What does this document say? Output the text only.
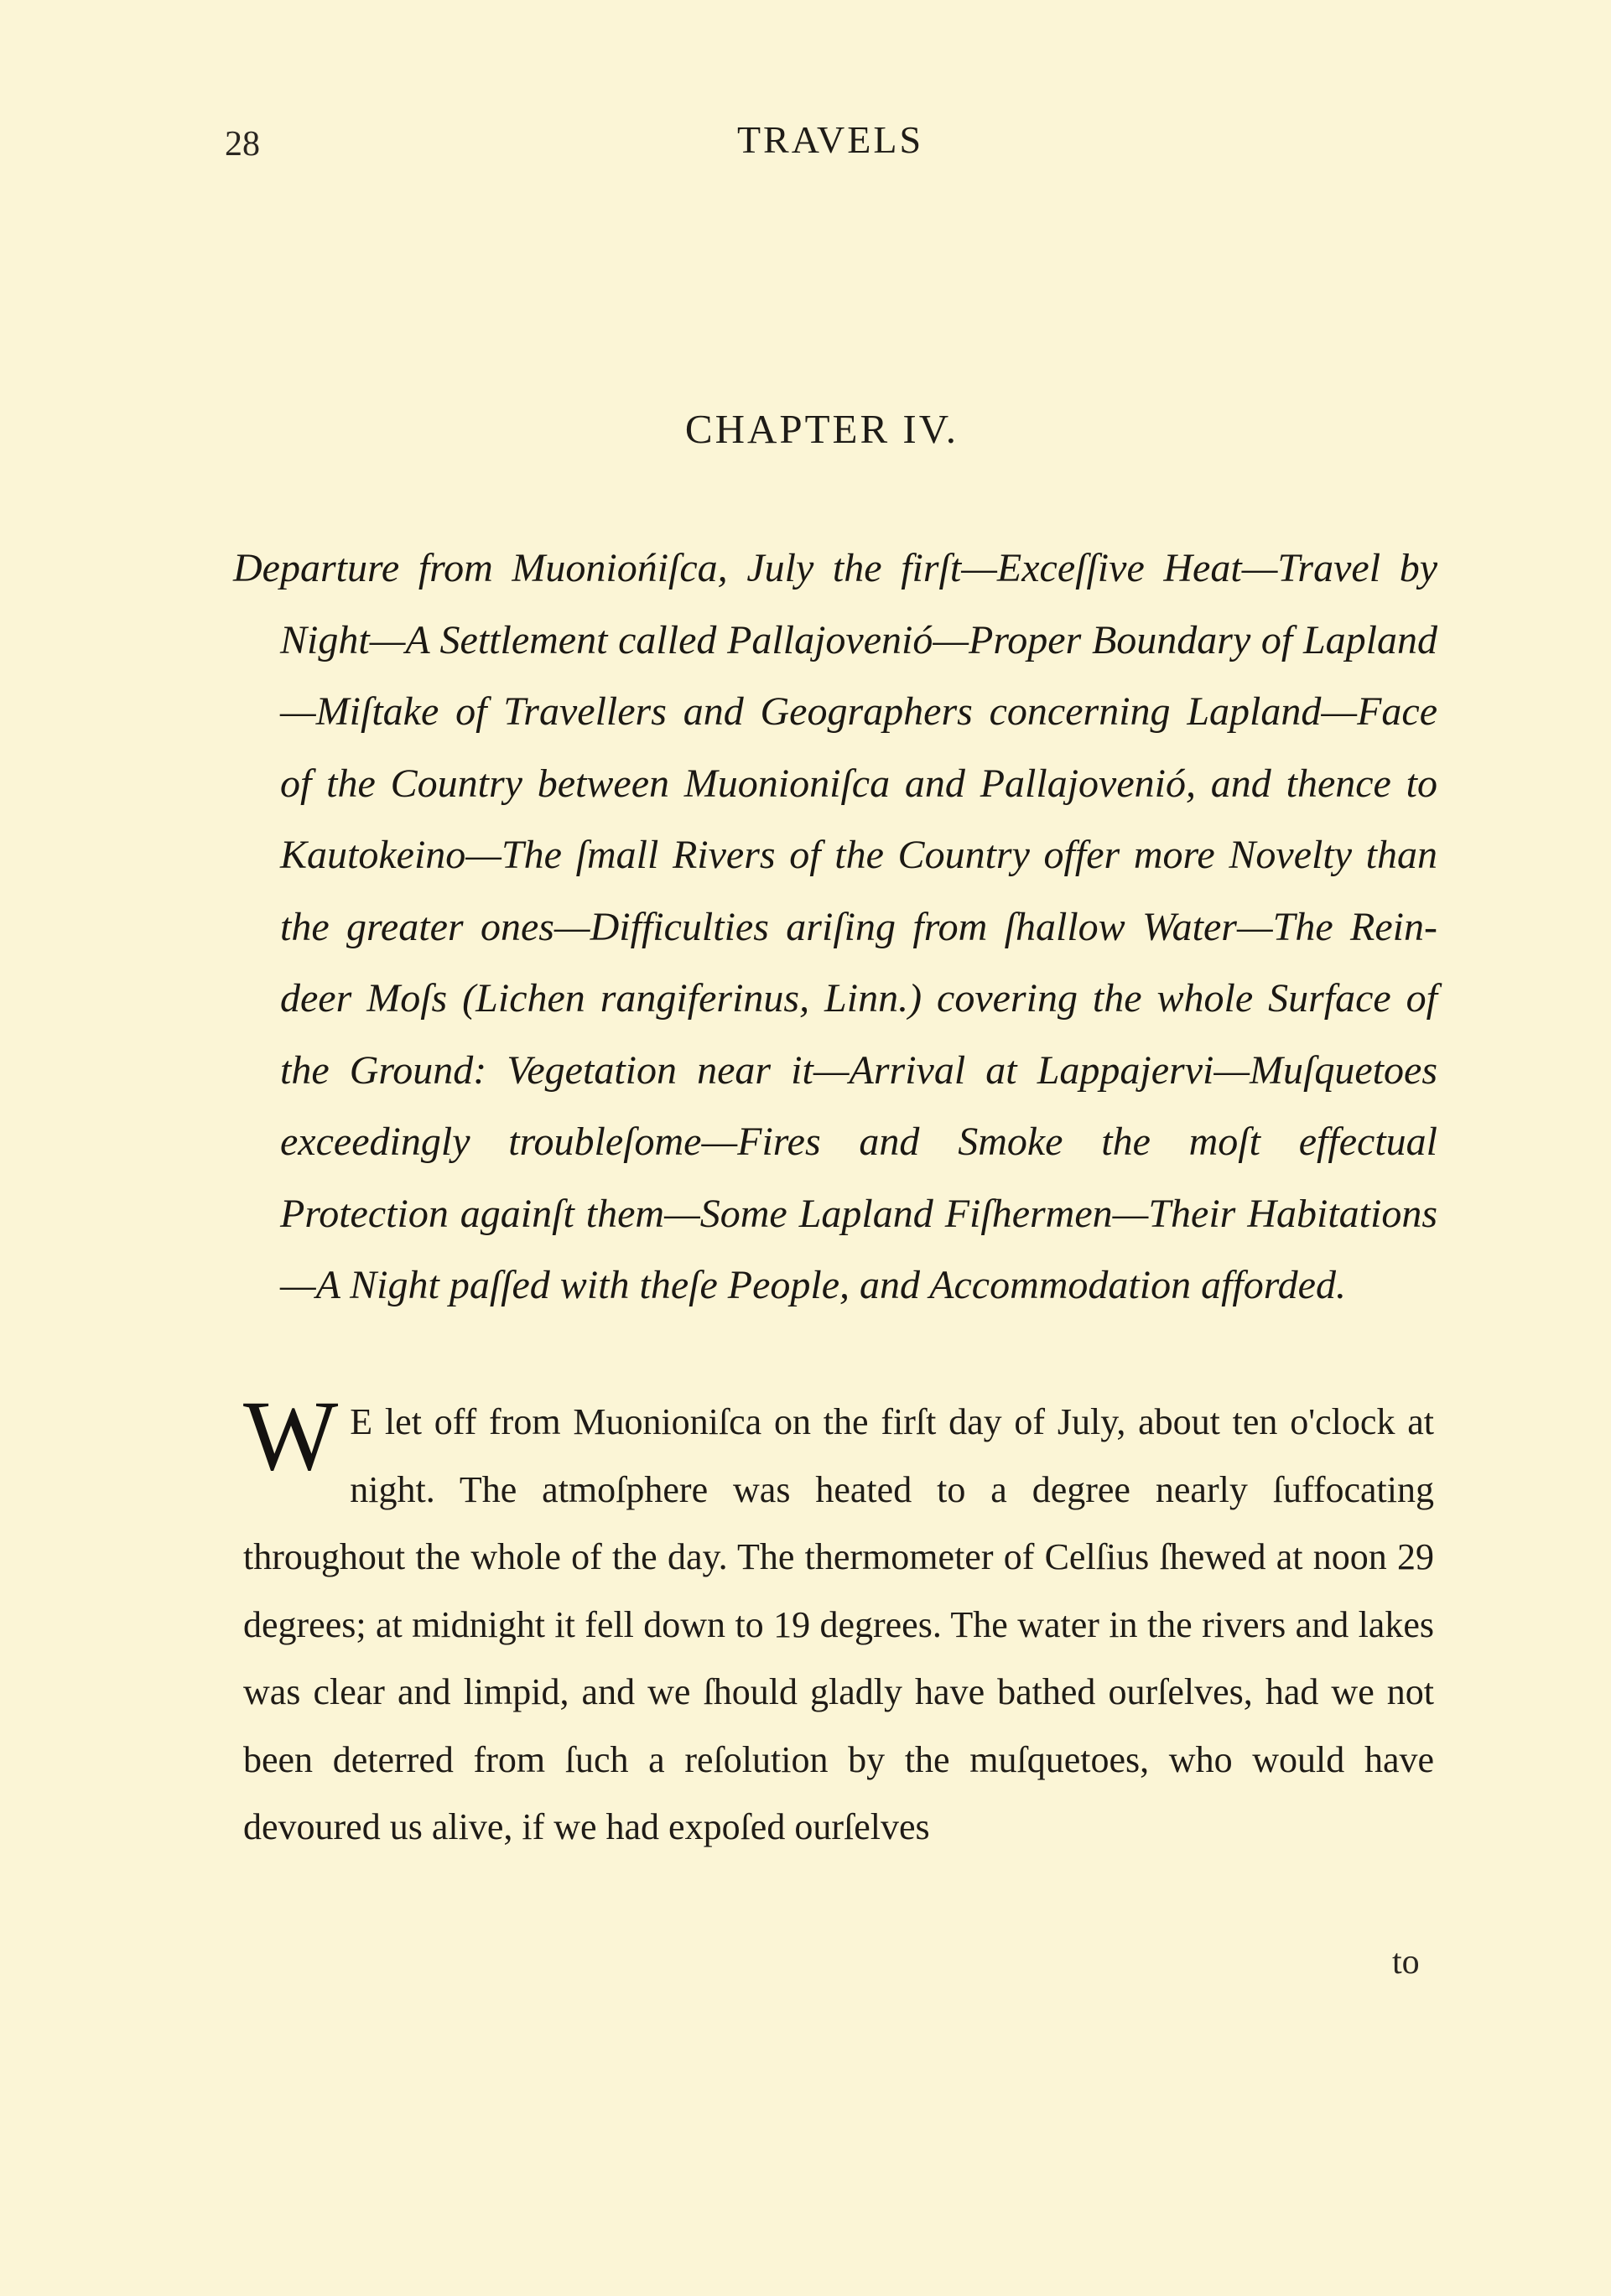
28	TRAVELS
CHAPTER IV.

Departure from Muoniońiſca, July the firſt—Exceſſive Heat—Travel by Night—A Settlement called Pallajovenió—Proper Boundary of Lapland—Miſtake of Travellers and Geographers concerning Lapland—Face of the Country between Muonioniſca and Pallajovenió, and thence to Kautokeino—The ſmall Rivers of the Country offer more Novelty than the greater ones—Difficulties ariſing from ſhallow Water—The Rein-deer Moſs (Lichen rangiferinus, Linn.) covering the whole Surface of the Ground: Vegetation near it—Arrival at Lappajervi—Muſquetoes exceedingly troubleſome—Fires and Smoke the moſt effectual Protection againſt them—Some Lapland Fiſhermen—Their Habitations—A Night paſſed with theſe People, and Accommodation afforded.

W E let off from Muonioniſca on the firſt day of July, about ten o'clock at night. The atmoſphere was heated to a degree nearly ſuffocating throughout the whole of the day. The thermometer of Celſius ſhewed at noon 29 degrees; at midnight it fell down to 19 degrees. The water in the rivers and lakes was clear and limpid, and we ſhould gladly have bathed ourſelves, had we not been deterred from ſuch a reſolution by the muſquetoes, who would have devoured us alive, if we had expoſed ourſelves
to
